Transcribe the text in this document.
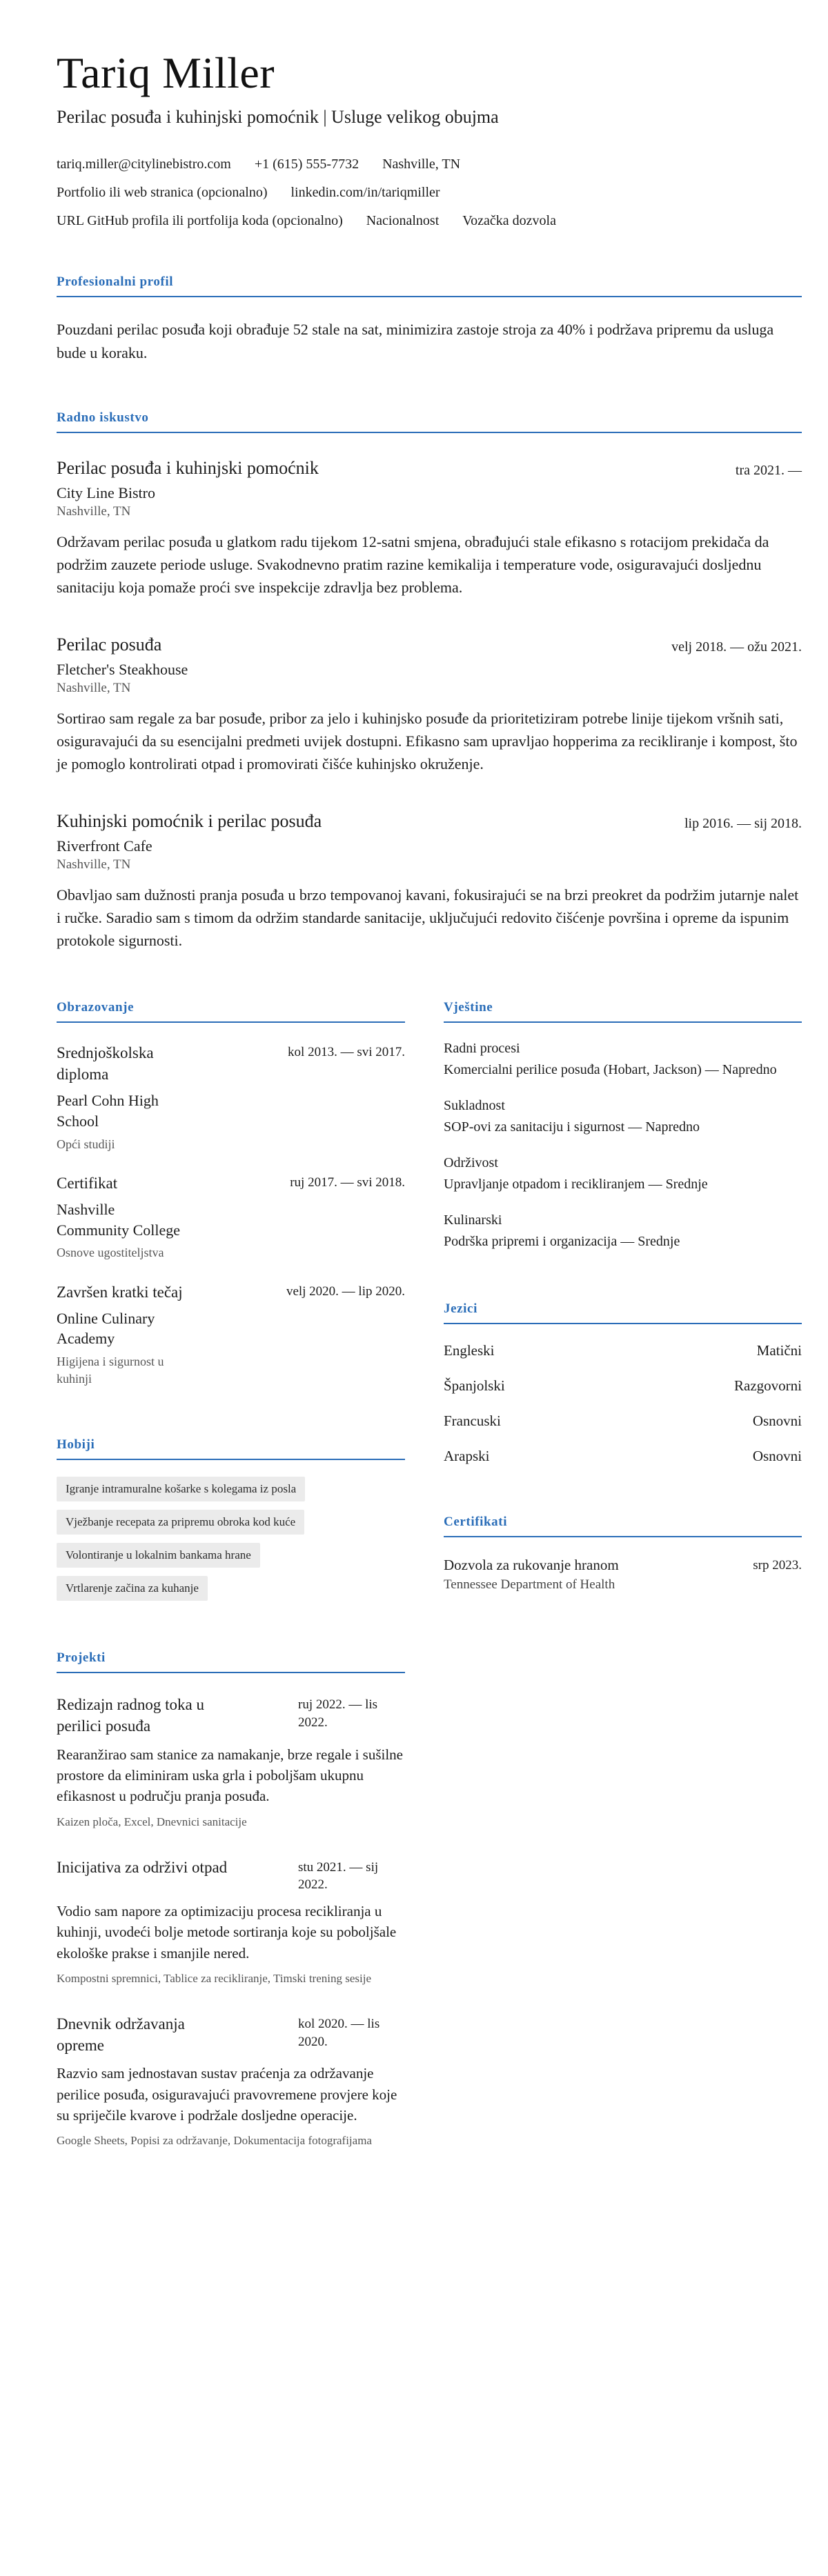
Tariq Miller
Perilac posuđa i kuhinjski pomoćnik | Usluge velikog obujma
tariq.miller@citylinebistro.com +1 (615) 555-7732 Nashville, TN
Portfolio ili web stranica (opcionalno) linkedin.com/in/tariqmiller
URL GitHub profila ili portfolija koda (opcionalno) Nacionalnost Vozačka dozvola
Profesionalni profil

Pouzdani perilac posuđa koji obrađuje 52 stale na sat, minimizira zastoje stroja za 40% i podržava pripremu da usluga bude u koraku.

Radno iskustvo
Perilac posuđa i kuhinjski pomoćnik	tra 2021. —
City Line Bistro
Nashville, TN

Održavam perilac posuđa u glatkom radu tijekom 12-satni smjena, obrađujući stale efikasno s rotacijom prekidača da podržim zauzete periode usluge. Svakodnevno pratim razine kemikalija i temperature vode, osiguravajući dosljednu sanitaciju koja pomaže proći sve inspekcije zdravlja bez problema.

Perilac posuđa	velj 2018. — ožu 2021.
Fletcher's Steakhouse
Nashville, TN

Sortirao sam regale za bar posuđe, pribor za jelo i kuhinjsko posuđe da prioritetiziram potrebe linije tijekom vršnih sati, osiguravajući da su esencijalni predmeti uvijek dostupni. Efikasno sam upravljao hopperima za recikliranje i kompost, što je pomoglo kontrolirati otpad i promovirati čišće kuhinjsko okruženje.

Kuhinjski pomoćnik i perilac posuđa	lip 2016. — sij 2018.
Riverfront Cafe
Nashville, TN

Obavljao sam dužnosti pranja posuđa u brzo tempovanoj kavani, fokusirajući se na brzi preokret da podržim jutarnje nalet i ručke. Saradio sam s timom da održim standarde sanitacije, uključujući redovito čišćenje površina i opreme da ispunim protokole sigurnosti.

Obrazovanje
Srednjoškolska diploma
Pearl Cohn High School
Opći studiji
kol 2013. — svi 2017.
Certifikat
Nashville Community College
Osnove ugostiteljstva
ruj 2017. — svi 2018.
Završen kratki tečaj
Online Culinary Academy
Higijena i sigurnost u kuhinji
velj 2020. — lip 2020.
Hobiji
Igranje intramuralne košarke s kolegama iz posla
Vježbanje recepata za pripremu obroka kod kuće
Volontiranje u lokalnim bankama hrane
Vrtlarenje začina za kuhanje
Projekti
Redizajn radnog toka u perilici posuđa
ruj 2022. — lis 2022.

Rearanžirao sam stanice za namakanje, brze regale i sušilne prostore da eliminiram uska grla i poboljšam ukupnu efikasnost u području pranja posuđa.

Kaizen ploča, Excel, Dnevnici sanitacije
Inicijativa za održivi otpad	stu 2021. — sij 2022.

Vodio sam napore za optimizaciju procesa recikliranja u kuhinji, uvodeći bolje metode sortiranja koje su poboljšale ekološke prakse i smanjile nered.

Kompostni spremnici, Tablice za recikliranje, Timski trening sesije
Dnevnik održavanja opreme
kol 2020. — lis 2020.

Razvio sam jednostavan sustav praćenja za održavanje perilice posuđa, osiguravajući pravovremene provjere koje su spriječile kvarove i podržale dosljedne operacije.

Google Sheets, Popisi za održavanje, Dokumentacija fotografijama
Vještine
Radni procesi
Komercialni perilice posuđa (Hobart, Jackson) — Napredno
Sukladnost
SOP-ovi za sanitaciju i sigurnost — Napredno
Održivost
Upravljanje otpadom i recikliranjem — Srednje
Kulinarski
Podrška pripremi i organizacija — Srednje
Jezici
Engleski	Matični
Španjolski	Razgovorni
Francuski	Osnovni
Arapski	Osnovni
Certifikati
Dozvola za rukovanje hranom	srp 2023.
Tennessee Department of Health
